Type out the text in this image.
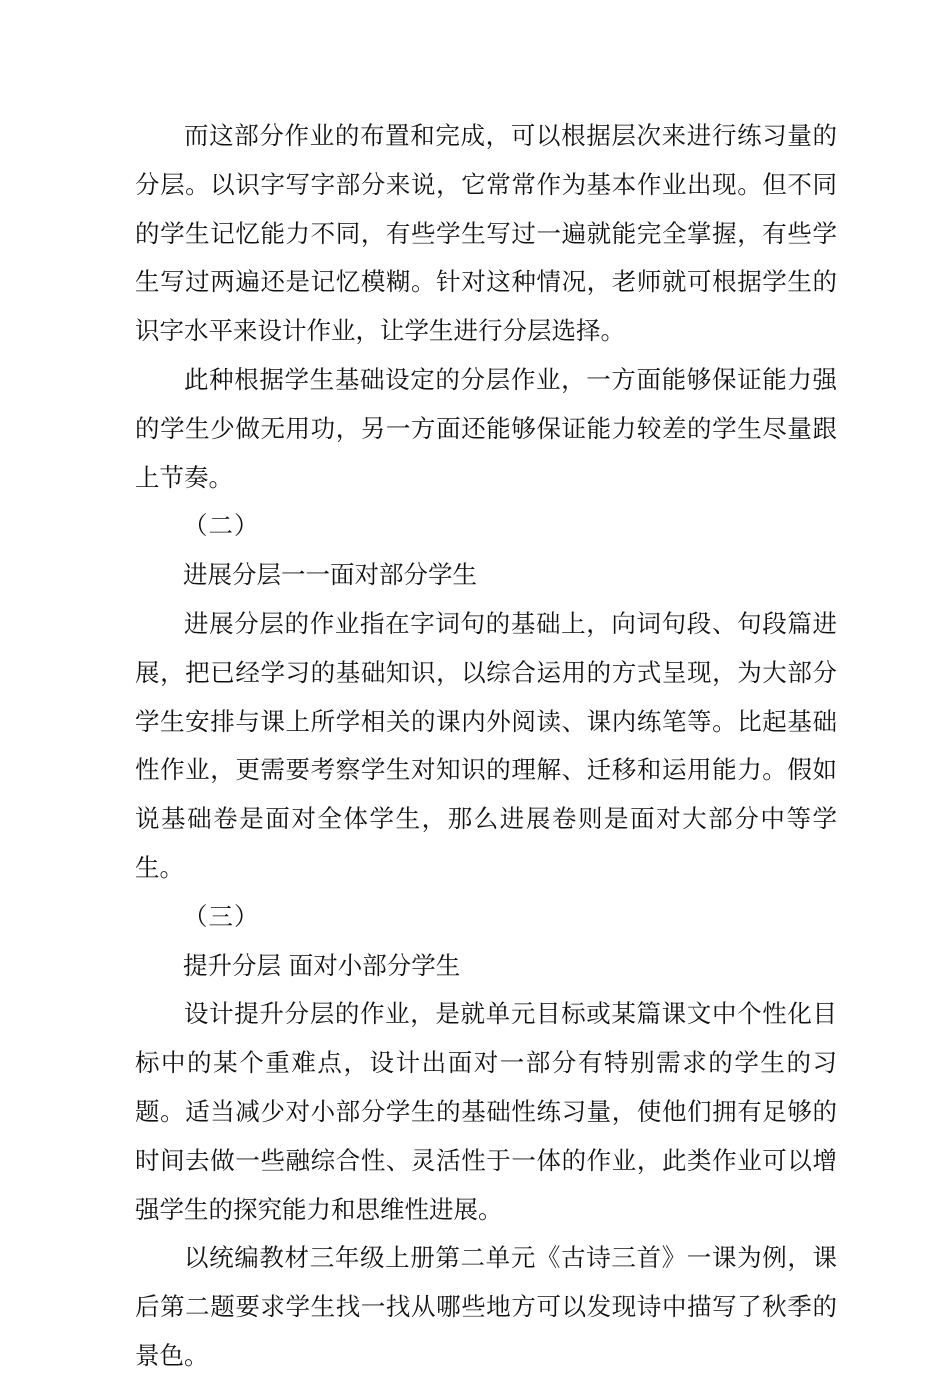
而这部分作业的布置和完成，可以根据层次来进行练习量的分层。以识字写字部分来说，它常常作为基本作业出现。但不同的学生记忆能力不同，有些学生写过一遍就能完全掌握，有些学生写过两遍还是记忆模糊。针对这种情况，老师就可根据学生的识字水平来设计作业，让学生进行分层选择。

此种根据学生基础设定的分层作业，一方面能够保证能力强的学生少做无用功，另一方面还能够保证能力较差的学生尽量跟上节奏。

（二）

进展分层一一面对部分学生

进展分层的作业指在字词句的基础上，向词句段、句段篇进展，把已经学习的基础知识，以综合运用的方式呈现，为大部分学生安排与课上所学相关的课内外阅读、课内练笔等。比起基础性作业，更需要考察学生对知识的理解、迁移和运用能力。假如说基础卷是面对全体学生，那么进展卷则是面对大部分中等学生。

（三）

提升分层 面对小部分学生

设计提升分层的作业，是就单元目标或某篇课文中个性化目标中的某个重难点，设计出面对一部分有特别需求的学生的习题。适当减少对小部分学生的基础性练习量，使他们拥有足够的时间去做一些融综合性、灵活性于一体的作业，此类作业可以增强学生的探究能力和思维性进展。

以统编教材三年级上册第二单元《古诗三首》一课为例，课后第二题要求学生找一找从哪些地方可以发现诗中描写了秋季的景色。
